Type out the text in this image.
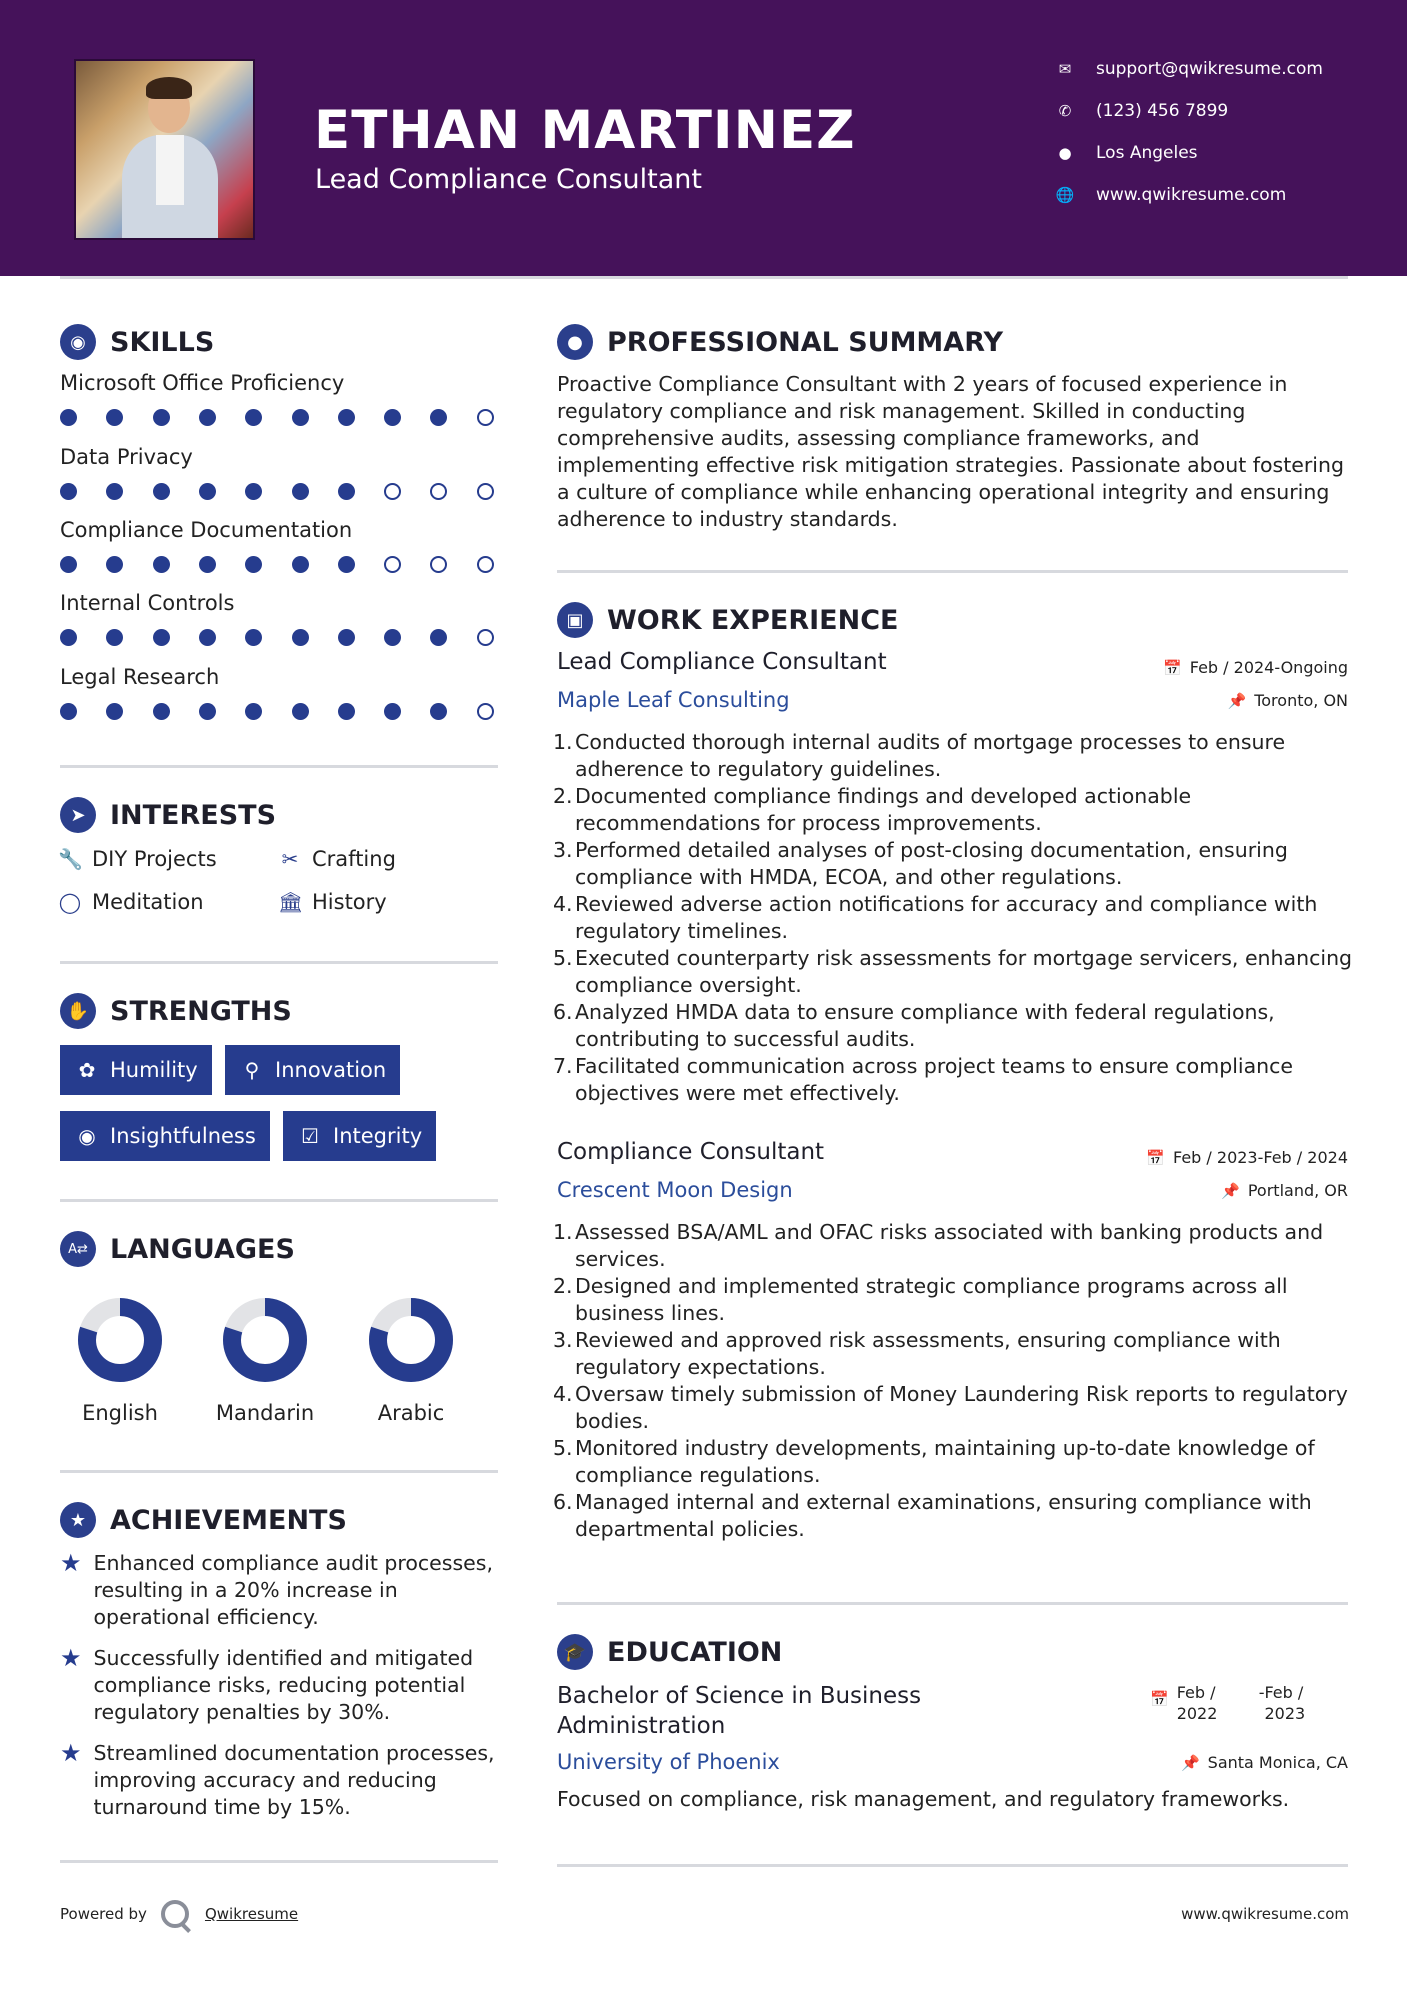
ETHAN MARTINEZ
Lead Compliance Consultant
✉	support@qwikresume.com
✆	(123) 456 7899
●	Los Angeles
🌐	www.qwikresume.com
◉ SKILLS
Microsoft Office Proficiency
Data Privacy
Compliance Documentation
Internal Controls
Legal Research
➤ INTERESTS
🔧 DIY Projects	✂ Crafting
◯ Meditation	🏛 History
✋ STRENGTHS
✿ Humility ⚲ Innovation
◉ Insightfulness ☑ Integrity
A⇄ LANGUAGES
English	Mandarin	Arabic
★ ACHIEVEMENTS
★ Enhanced compliance audit processes, resulting in a 20% increase in operational efficiency.
★ Successfully identified and mitigated compliance risks, reducing potential regulatory penalties by 30%.
★ Streamlined documentation processes, improving accuracy and reducing turnaround time by 15%.
Powered by	Qwikresume	www.qwikresume.com
● PROFESSIONAL SUMMARY
Proactive Compliance Consultant with 2 years of focused experience in regulatory compliance and risk management. Skilled in conducting comprehensive audits, assessing compliance frameworks, and implementing effective risk mitigation strategies. Passionate about fostering a culture of compliance while enhancing operational integrity and ensuring adherence to industry standards.
▣ WORK EXPERIENCE
Lead Compliance Consultant	📅 Feb / 2024-Ongoing
Maple Leaf Consulting	📌 Toronto, ON
1. Conducted thorough internal audits of mortgage processes to ensure adherence to regulatory guidelines.
2. Documented compliance findings and developed actionable recommendations for process improvements.
3. Performed detailed analyses of post-closing documentation, ensuring compliance with HMDA, ECOA, and other regulations.
4. Reviewed adverse action notifications for accuracy and compliance with regulatory timelines.
5. Executed counterparty risk assessments for mortgage servicers, enhancing compliance oversight.
6. Analyzed HMDA data to ensure compliance with federal regulations, contributing to successful audits.
7. Facilitated communication across project teams to ensure compliance objectives were met effectively.
Compliance Consultant	📅 Feb / 2023-Feb / 2024
Crescent Moon Design	📌 Portland, OR
1. Assessed BSA/AML and OFAC risks associated with banking products and services.
2. Designed and implemented strategic compliance programs across all business lines.
3. Reviewed and approved risk assessments, ensuring compliance with regulatory expectations.
4. Oversaw timely submission of Money Laundering Risk reports to regulatory bodies.
5. Monitored industry developments, maintaining up-to-date knowledge of compliance regulations.
6. Managed internal and external examinations, ensuring compliance with departmental policies.
🎓 EDUCATION
Bachelor of Science in Business Administration
📅 Feb / 2022
- Feb / 2023
University of Phoenix	📌 Santa Monica, CA
Focused on compliance, risk management, and regulatory frameworks.
